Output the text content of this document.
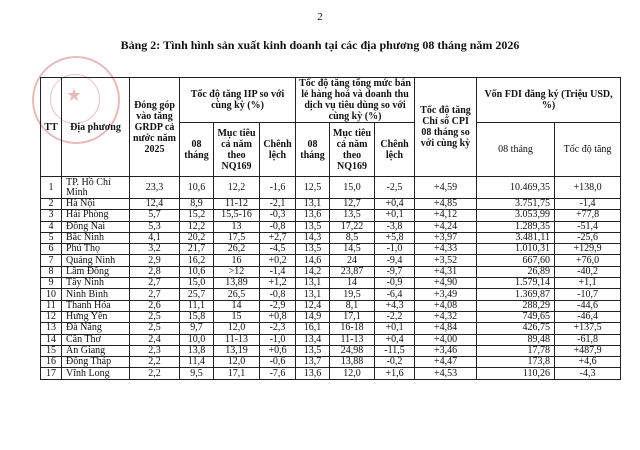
2
★
Bảng 2: Tình hình sản xuất kinh doanh tại các địa phương 08 tháng năm 2026
TT	Địa phương	Đóng góp vào tăng GRDP cả nước năm 2025	Tốc độ tăng IIP so với cùng kỳ (%)			Tốc độ tăng tổng mức bán lẻ hàng hoá và doanh thu dịch vụ tiêu dùng so với cùng kỳ (%)			Tốc độ tăng Chỉ số CPI 08 tháng so với cùng kỳ	Vốn FDI đăng ký (Triệu USD, %)	
			08 tháng	Mục tiêu cả năm theo NQ169	Chênh lệch	08 tháng	Mục tiêu cả năm theo NQ169	Chênh lệch		08 tháng	Tốc độ tăng
1	TP. Hồ Chí Minh	23,3	10,6	12,2	-1,6	12,5	15,0	-2,5	+4,59	10.469,35	+138,0
2	Hà Nội	12,4	8,9	11-12	-2,1	13,1	12,7	+0,4	+4,85	3.751,75	-1,4
3	Hải Phòng	5,7	15,2	15,5-16	-0,3	13,6	13,5	+0,1	+4,12	3.053,99	+77,8
4	Đồng Nai	5,3	12,2	13	-0,8	13,5	17,22	-3,8	+4,24	1.289,35	-51,4
5	Bắc Ninh	4,1	20,2	17,5	+2,7	14,3	8,5	+5,8	+3,97	3.481,11	-25,6
6	Phú Thọ	3,2	21,7	26,2	-4,5	13,5	14,5	-1,0	+4,33	1.010,31	+129,9
7	Quảng Ninh	2,9	16,2	16	+0,2	14,6	24	-9,4	+3,52	667,60	+76,0
8	Lâm Đồng	2,8	10,6	>12	-1,4	14,2	23,87	-9,7	+4,31	26,89	-40,2
9	Tây Ninh	2,7	15,0	13,89	+1,2	13,1	14	-0,9	+4,90	1.579,14	+1,1
10	Ninh Bình	2,7	25,7	26,5	-0,8	13,1	19,5	-6,4	+3,49	1.369,87	-10,7
11	Thanh Hóa	2,6	11,1	14	-2,9	12,4	8,1	+4,3	+4,08	288,29	-44,6
12	Hưng Yên	2,5	15,8	15	+0,8	14,9	17,1	-2,2	+4,32	749,65	-46,4
13	Đà Nẵng	2,5	9,7	12,0	-2,3	16,1	16-18	+0,1	+4,84	426,75	+137,5
14	Cần Thơ	2,4	10,0	11-13	-1,0	13,4	11-13	+0,4	+4,00	89,48	-61,8
15	An Giang	2,3	13,8	13,19	+0,6	13,5	24,98	-11,5	+3,46	17,78	+487,9
16	Đồng Tháp	2,2	11,4	12,0	-0,6	13,7	13,88	-0,2	+4,47	173,8	+4,6
17	Vĩnh Long	2,2	9,5	17,1	-7,6	13,6	12,0	+1,6	+4,53	110,26	-4,3
